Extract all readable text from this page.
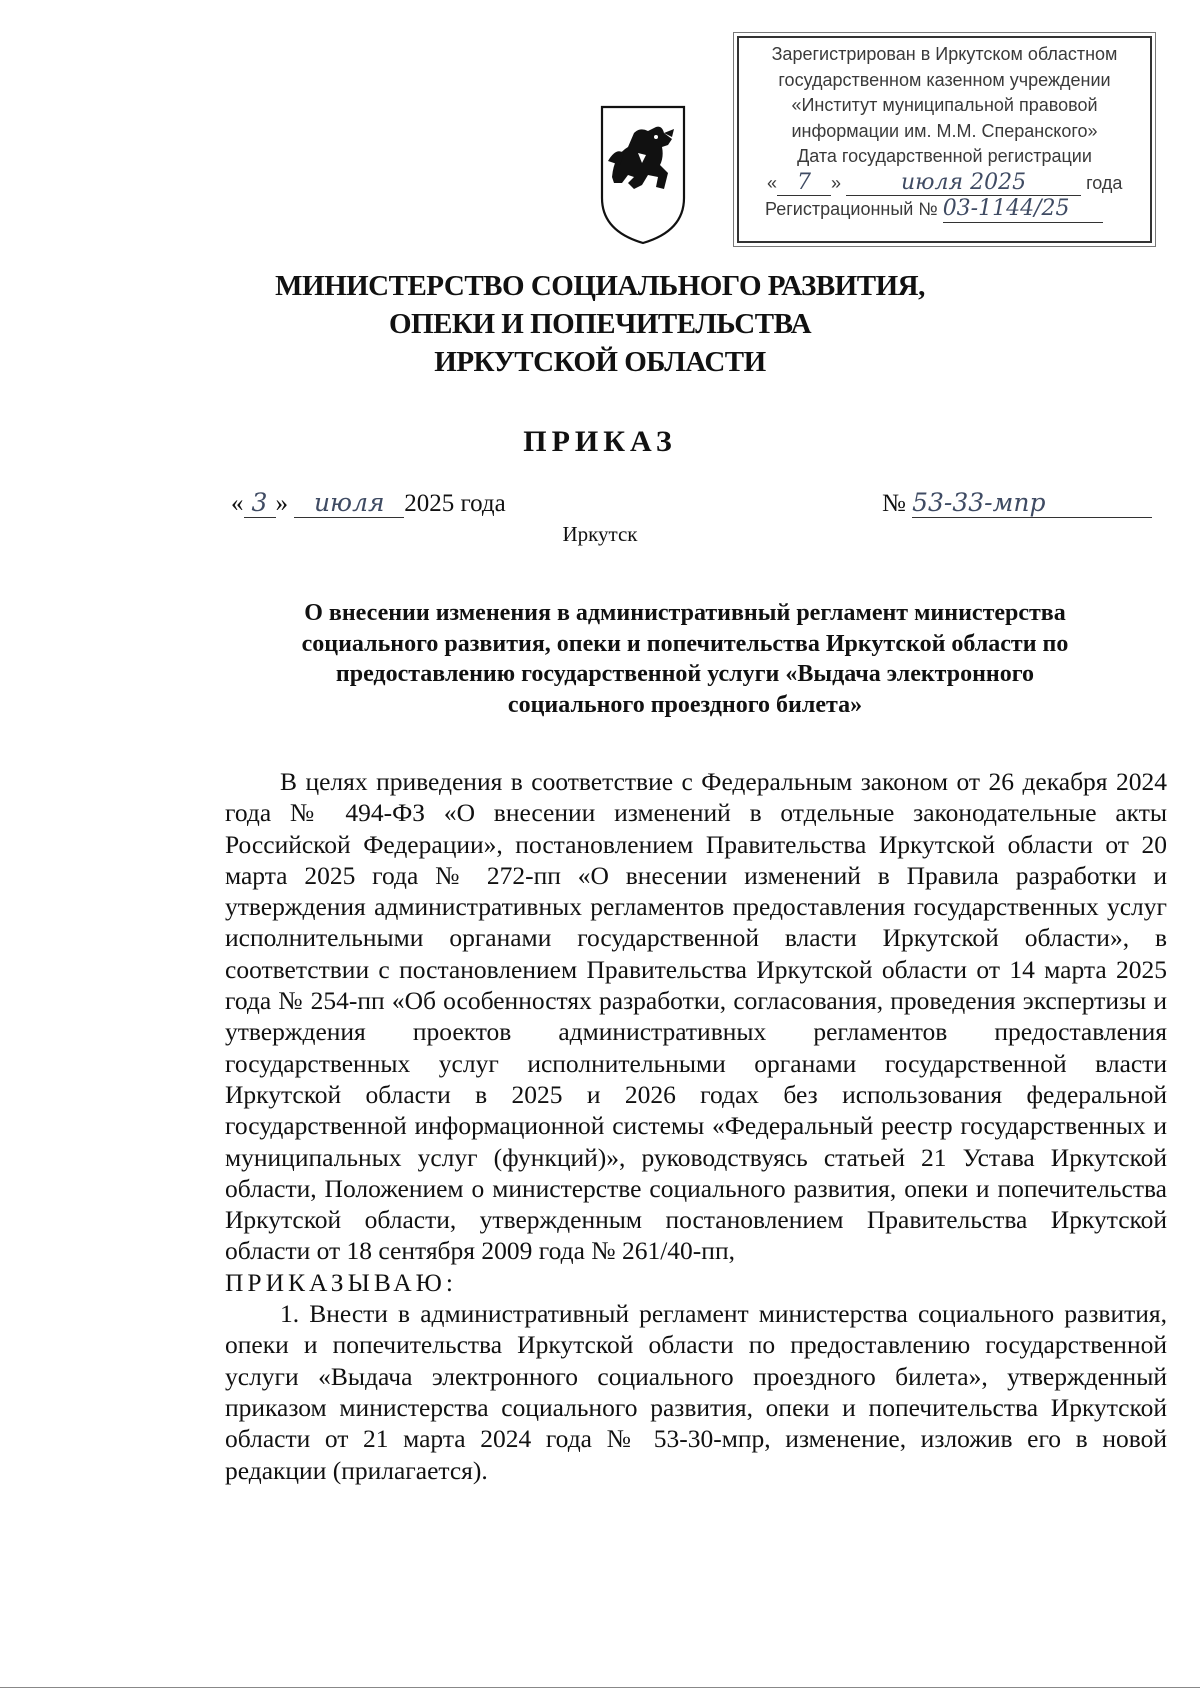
Зарегистрирован в Иркутском областном
государственном казенном учреждении
«Институт муниципальной правовой
информации им. М.М. Сперанского»
Дата государственной регистрации
« 7 »	июля 2025	года
Регистрационный № 03-1144/25
МИНИСТЕРСТВО СОЦИАЛЬНОГО РАЗВИТИЯ,
ОПЕКИ И ПОПЕЧИТЕЛЬСТВА
ИРКУТСКОЙ ОБЛАСТИ
ПРИКАЗ
« 3 » июля 2025 года	№ 53-33-мпр
Иркутск
О внесении изменения в административный регламент министерства
социального развития, опеки и попечительства Иркутской области по
предоставлению государственной услуги «Выдача электронного
социального проездного билета»

В целях приведения в соответствие с Федеральным законом от 26 декабря 2024 года № 494-ФЗ «О внесении изменений в отдельные законодательные акты Российской Федерации», постановлением Правительства Иркутской области от 20 марта 2025 года № 272-пп «О внесении изменений в Правила разработки и утверждения административных регламентов предоставления государственных услуг исполнительными органами государственной власти Иркутской области», в соответствии с постановлением Правительства Иркутской области от 14 марта 2025 года № 254-пп «Об особенностях разработки, согласования, проведения экспертизы и утверждения проектов административных регламентов предоставления государственных услуг исполнительными органами государственной власти Иркутской области в 2025 и 2026 годах без использования федеральной государственной информационной системы «Федеральный реестр государственных и муниципальных услуг (функций)», руководствуясь статьей 21 Устава Иркутской области, Положением о министерстве социального развития, опеки и попечительства Иркутской области, утвержденным постановлением Правительства Иркутской области от 18 сентября 2009 года № 261/40-пп,

ПРИКАЗЫВАЮ:

1. Внести в административный регламент министерства социального развития, опеки и попечительства Иркутской области по предоставлению государственной услуги «Выдача электронного социального проездного билета», утвержденный приказом министерства социального развития, опеки и попечительства Иркутской области от 21 марта 2024 года № 53-30-мпр, изменение, изложив его в новой редакции (прилагается).
